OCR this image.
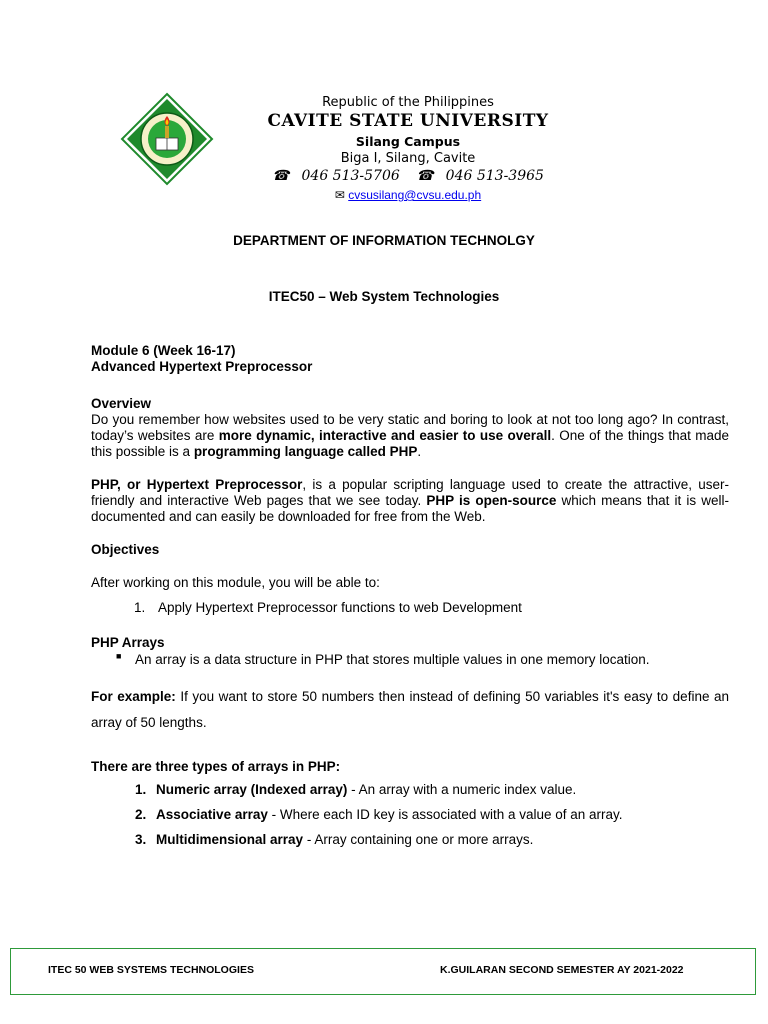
Republic of the Philippines
CAVITE STATE UNIVERSITY
Silang Campus
Biga I, Silang, Cavite
☎ 046 513-5706 ☎ 046 513-3965
✉ cvsusilang@cvsu.edu.ph
DEPARTMENT OF INFORMATION TECHNOLGY
ITEC50 – Web System Technologies
Module 6 (Week 16-17)
Advanced Hypertext Preprocessor
Overview
Do you remember how websites used to be very static and boring to look at not too long ago? In contrast, today’s websites are more dynamic, interactive and easier to use overall. One of the things that made this possible is a programming language called PHP.
PHP, or Hypertext Preprocessor, is a popular scripting language used to create the attractive, user-friendly and interactive Web pages that we see today. PHP is open-source which means that it is well-documented and can easily be downloaded for free from the Web.
Objectives
After working on this module, you will be able to:
1. Apply Hypertext Preprocessor functions to web Development
PHP Arrays
■ An array is a data structure in PHP that stores multiple values in one memory location.
For example: If you want to store 50 numbers then instead of defining 50 variables it's easy to define an array of 50 lengths.
There are three types of arrays in PHP:
1. Numeric array (Indexed array) - An array with a numeric index value.
2. Associative array - Where each ID key is associated with a value of an array.
3. Multidimensional array - Array containing one or more arrays.
ITEC 50 WEB SYSTEMS TECHNOLOGIES	K.GUILARAN SECOND SEMESTER AY 2021-2022
